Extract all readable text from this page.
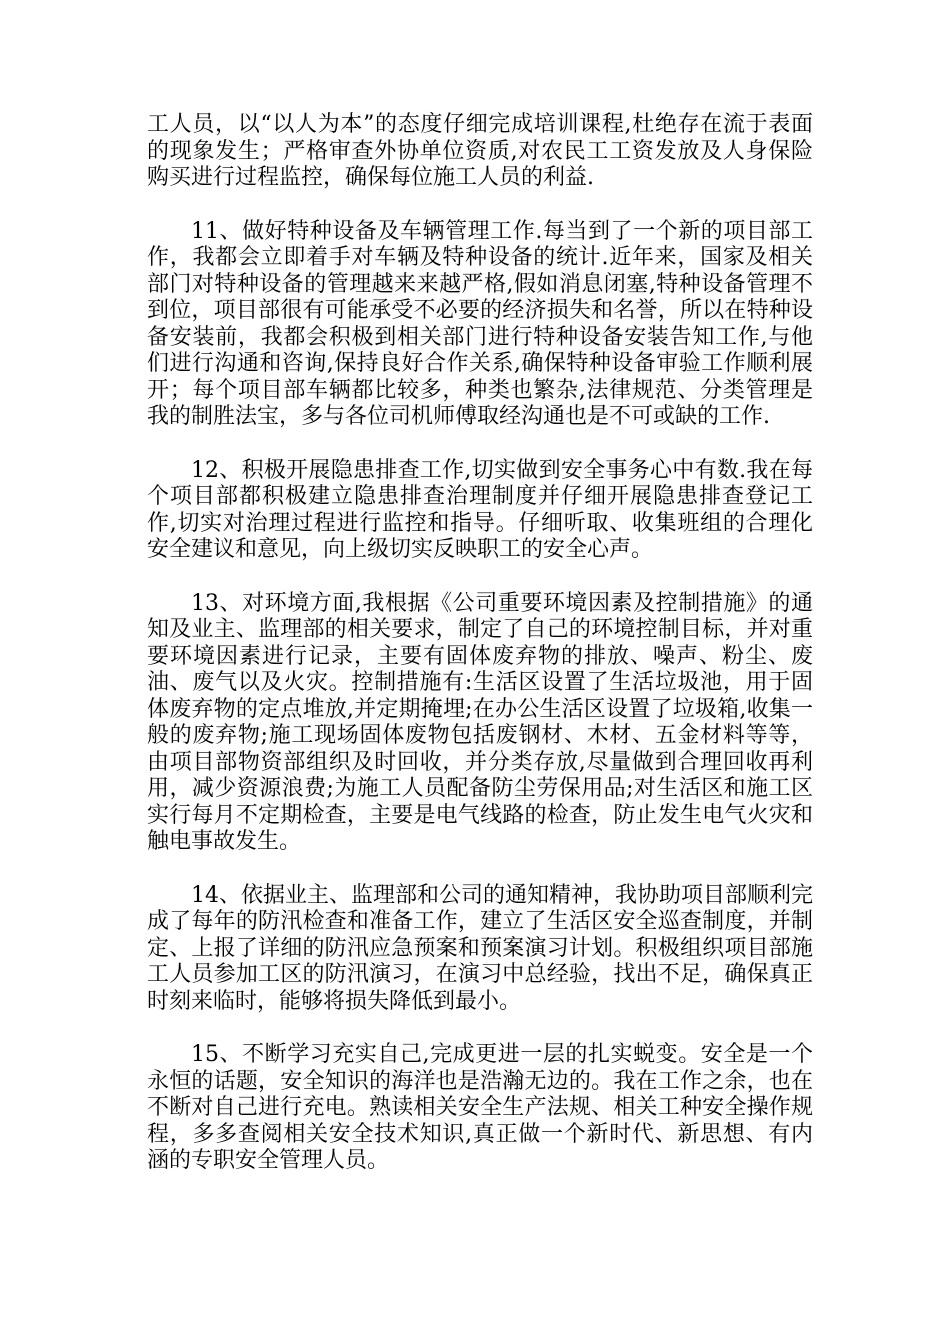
工人员，以“以人为本”的态度仔细完成培训课程,杜绝存在流于表面的现象发生；严格审查外协单位资质,对农民工工资发放及人身保险购买进行过程监控，确保每位施工人员的利益.

11、做好特种设备及车辆管理工作.每当到了一个新的项目部工作，我都会立即着手对车辆及特种设备的统计.近年来，国家及相关部门对特种设备的管理越来来越严格,假如消息闭塞,特种设备管理不到位，项目部很有可能承受不必要的经济损失和名誉，所以在特种设备安装前，我都会积极到相关部门进行特种设备安装告知工作,与他们进行沟通和咨询,保持良好合作关系,确保特种设备审验工作顺利展开；每个项目部车辆都比较多，种类也繁杂,法律规范、分类管理是我的制胜法宝，多与各位司机师傅取经沟通也是不可或缺的工作.

12、积极开展隐患排查工作,切实做到安全事务心中有数.我在每个项目部都积极建立隐患排查治理制度并仔细开展隐患排查登记工作,切实对治理过程进行监控和指导。仔细听取、收集班组的合理化安全建议和意见，向上级切实反映职工的安全心声。

13、对环境方面,我根据《公司重要环境因素及控制措施》的通知及业主、监理部的相关要求，制定了自己的环境控制目标，并对重要环境因素进行记录，主要有固体废弃物的排放、噪声、粉尘、废油、废气以及火灾。控制措施有:生活区设置了生活垃圾池，用于固体废弃物的定点堆放,并定期掩埋;在办公生活区设置了垃圾箱,收集一般的废弃物;施工现场固体废物包括废钢材、木材、五金材料等等，由项目部物资部组织及时回收，并分类存放,尽量做到合理回收再利用，减少资源浪费;为施工人员配备防尘劳保用品;对生活区和施工区实行每月不定期检查，主要是电气线路的检查，防止发生电气火灾和触电事故发生。

14、依据业主、监理部和公司的通知精神，我协助项目部顺利完成了每年的防汛检查和准备工作，建立了生活区安全巡查制度，并制定、上报了详细的防汛应急预案和预案演习计划。积极组织项目部施工人员参加工区的防汛演习，在演习中总经验，找出不足，确保真正时刻来临时，能够将损失降低到最小。

15、不断学习充实自己,完成更进一层的扎实蜕变。安全是一个永恒的话题，安全知识的海洋也是浩瀚无边的。我在工作之余，也在不断对自己进行充电。熟读相关安全生产法规、相关工种安全操作规程，多多查阅相关安全技术知识,真正做一个新时代、新思想、有内涵的专职安全管理人员。
